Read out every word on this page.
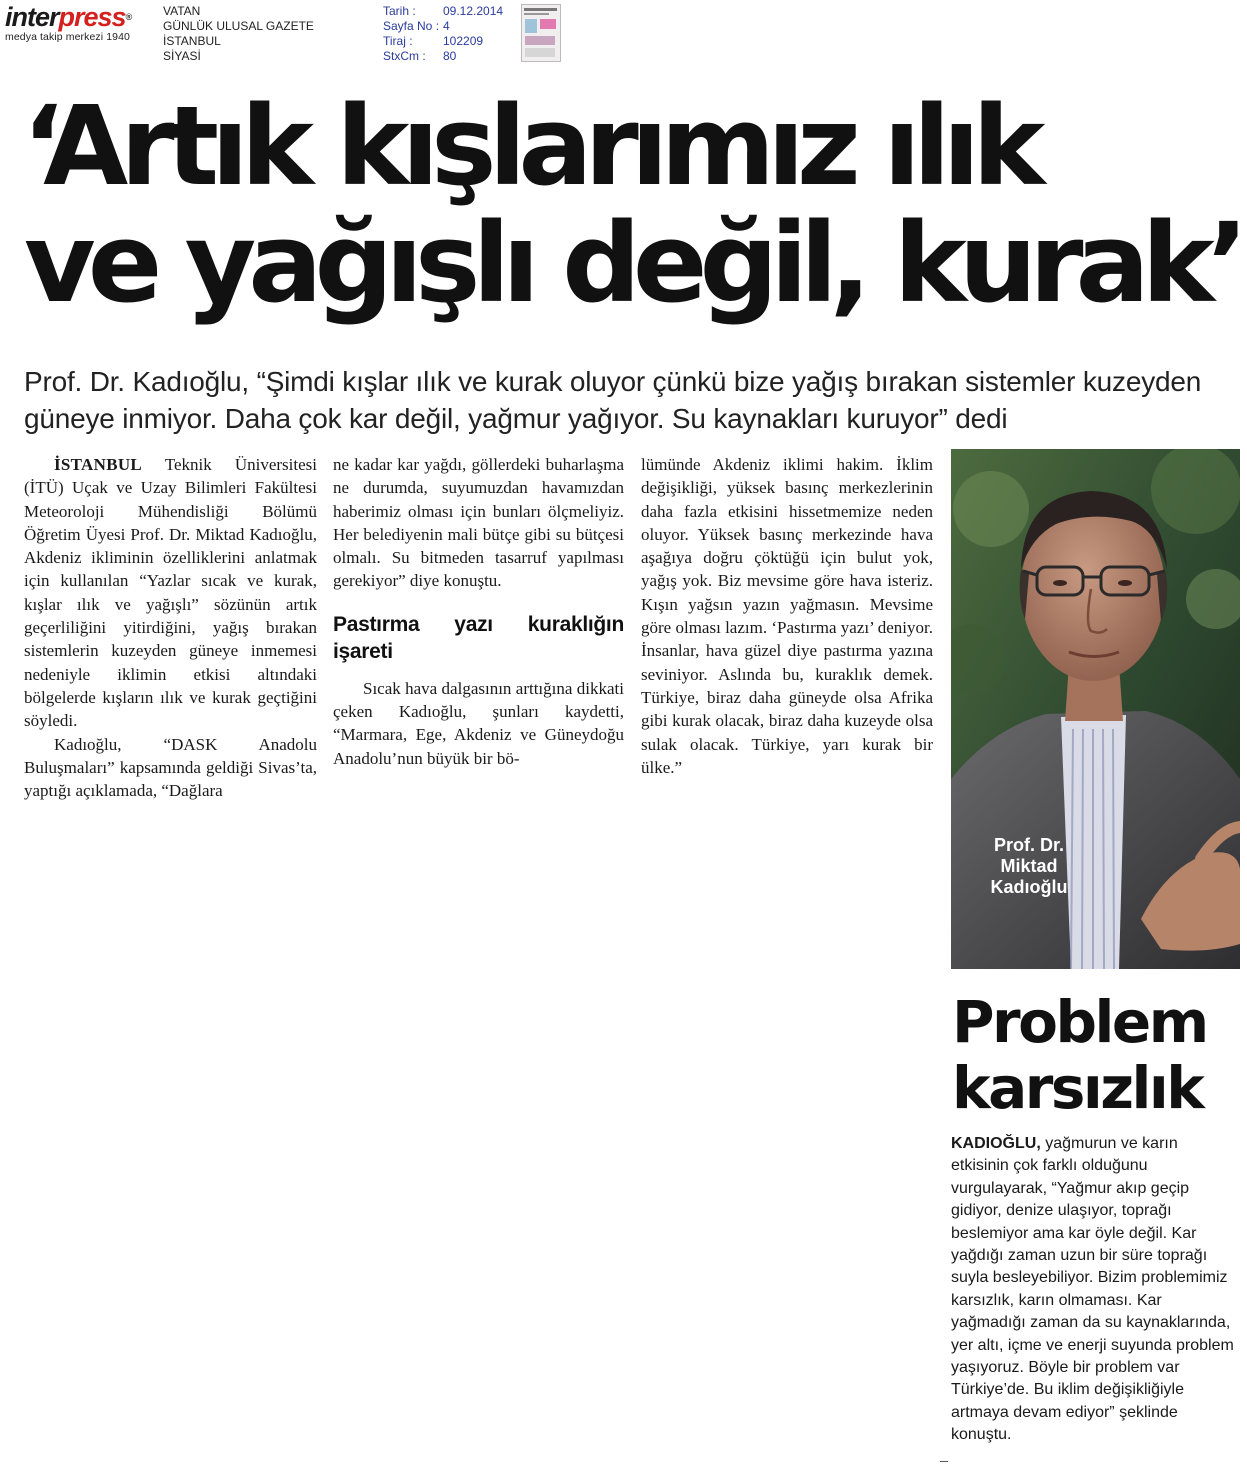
interpress®
medya takip merkezi 1940
VATAN
GÜNLÜK ULUSAL GAZETE
İSTANBUL
SİYASİ
Tarih :	09.12.2014
Sayfa No : 4
Tiraj :	102209
StxCm :	80
‘Artık kışlarımız ılık
ve yağışlı değil, kurak’
Prof. Dr. Kadıoğlu, “Şimdi kışlar ılık ve kurak oluyor çünkü bize yağış bırakan sistemler kuzeyden güneye inmiyor. Daha çok kar değil, yağmur yağıyor. Su kaynakları kuruyor” dedi

İSTANBUL Teknik Üniversitesi (İTÜ) Uçak ve Uzay Bilimleri Fakültesi Meteoroloji Mühendisliği Bölümü Öğretim Üyesi Prof. Dr. Miktad Kadıoğlu, Akdeniz ikliminin özelliklerini anlatmak için kullanılan “Yazlar sıcak ve kurak, kışlar ılık ve yağışlı” sözünün artık geçerliliğini yitirdiğini, yağış bırakan sistemlerin kuzeyden güneye inmemesi nedeniyle iklimin etkisi altındaki bölgelerde kışların ılık ve kurak geçtiğini söyledi.

Kadıoğlu, “DASK Anadolu Buluşmaları” kapsamında geldiği Sivas’ta, yaptığı açıklamada, “Dağlara

ne kadar kar yağdı, göllerdeki buharlaşma ne durumda, suyumuzdan havamızdan haberimiz olması için bunları ölçmeliyiz. Her belediyenin mali bütçe gibi su bütçesi olmalı. Su bitmeden tasarruf yapılması gerekiyor” diye konuştu.

Pastırma yazı kuraklığın işareti

Sıcak hava dalgasının arttığına dikkati çeken Kadıoğlu, şunları kaydetti, “Marmara, Ege, Akdeniz ve Güneydoğu Anadolu’nun büyük bir bö-

lümünde Akdeniz iklimi hakim. İklim değişikliği, yüksek basınç merkezlerinin daha fazla etkisini hissetmemize neden oluyor. Yüksek basınç merkezinde hava aşağıya doğru çöktüğü için bulut yok, yağış yok. Biz mevsime göre hava isteriz. Kışın yağsın yazın yağmasın. Mevsime göre olması lazım. ‘Pastırma yazı’ deniyor. İnsanlar, hava güzel diye pastırma yazına seviniyor. Aslında bu, kuraklık demek. Türkiye, biraz daha güneyde olsa Afrika gibi kurak olacak, biraz daha kuzeyde olsa sulak olacak. Türkiye, yarı kurak bir ülke.”

Prof. Dr.
Miktad
Kadıoğlu
Problem
karsızlık
KADIOĞLU, yağmurun ve karın etkisinin çok farklı olduğunu vurgulayarak, “Yağmur akıp geçip gidiyor, denize ulaşıyor, toprağı beslemiyor ama kar öyle değil. Kar yağdığı zaman uzun bir süre toprağı suyla besleyebiliyor. Bizim problemimiz karsızlık, karın olmaması. Kar yağmadığı zaman da su kaynaklarında, yer altı, içme ve enerji suyunda problem yaşıyoruz. Böyle bir problem var Türkiye’de. Bu iklim değişikliğiyle artmaya devam ediyor” şeklinde konuştu.
